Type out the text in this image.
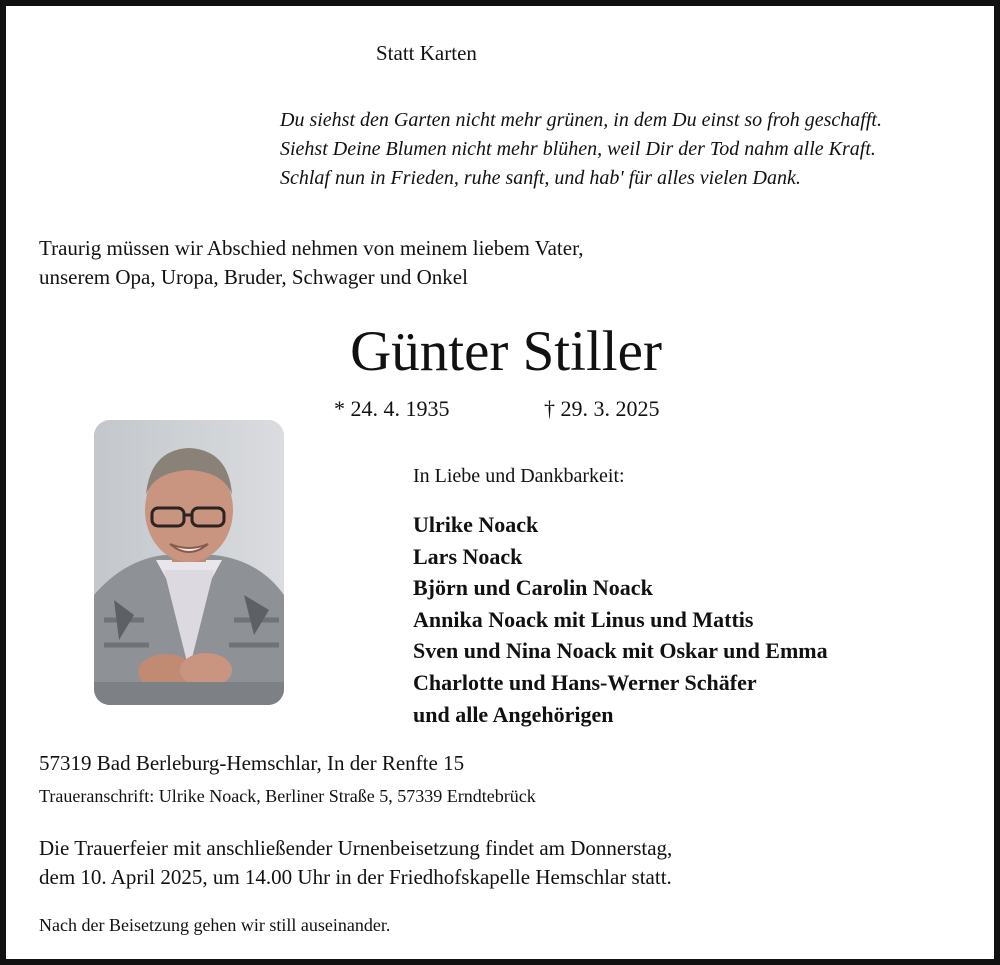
Statt Karten
Du siehst den Garten nicht mehr grünen, in dem Du einst so froh geschafft.
Siehst Deine Blumen nicht mehr blühen, weil Dir der Tod nahm alle Kraft.
Schlaf nun in Frieden, ruhe sanft, und hab' für alles vielen Dank.
Traurig müssen wir Abschied nehmen von meinem liebem Vater,
unserem Opa, Uropa, Bruder, Schwager und Onkel
Günter Stiller
* 24. 4. 1935	† 29. 3. 2025
In Liebe und Dankbarkeit:
Ulrike Noack
Lars Noack
Björn und Carolin Noack
Annika Noack mit Linus und Mattis
Sven und Nina Noack mit Oskar und Emma
Charlotte und Hans-Werner Schäfer
und alle Angehörigen
57319 Bad Berleburg-Hemschlar, In der Renfte 15
Traueranschrift: Ulrike Noack, Berliner Straße 5, 57339 Erndtebrück
Die Trauerfeier mit anschließender Urnenbeisetzung findet am Donnerstag,
dem 10. April 2025, um 14.00 Uhr in der Friedhofskapelle Hemschlar statt.
Nach der Beisetzung gehen wir still auseinander.
